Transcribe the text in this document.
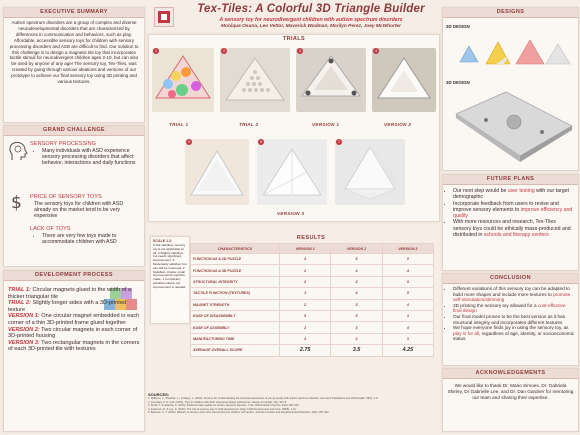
Tex-Tiles: A Colorful 3D Triangle Builder
A sensory toy for neurodivergent children with autism spectrum disorders
Monique Osuna, Leo Vettor, Maverick Wadman, Marilyn Perez, Joey McWhorter
EXECUTIVE SUMMARY
Autism spectrum disorders are a group of complex and diverse neurodevelopmental disorders that are characterized by differences in communication and behaviors, such as play. Affordable, accessible sensory toys for children with sensory processing disorders and ASD are difficult to find. Our solution to this challenge is to design a magnetic tile toy that incorporates tactile stimuli for neurodivergent children ages 2-10, but can also be used by anyone of any age! The sensory toy, Tex-Tiles, was created by going through various ideations and versions of our prototype to achieve our final sensory toy using 3D printing and various textures.
GRAND CHALLENGE
SENSORY PROCESSING
• Many individuals with ASD experience sensory processing disorders that affect behavior, interactions and daily functions
$ PRICE OF SENSORY TOYS
The sensory toys for children with ASD already on the market tend to be very expensive
LACK OF TOYS
• There are very few toys made to accommodate children with ASD
DEVELOPMENT PROCESS
TRIAL 1: Circular magnets glued to the width of a thicker triangular tile
TRIAL 2: Slightly longer sides with a 3D-printed texture
VERSION 1: One circular magnet embedded in each corner of a thin 3D-printed frame glued together
VERSION 2: Two circular magnets in each corner of 3D-printed housing
VERSION 3: Two rectangular magnets in the corners of each 3D-printed tile with textures
TRIALS
1	2	3	4
TRIAL 1	TRIAL 2	VERSION 1	VERSION 2
5	6	7
VERSION 3
SCALE 1-5
5 Not satisfied, sensory toy is not applicable at all. 4 Slightly satisfied, but needs significant improvement. 3 Moderately satisfied, but can still be improved. 2 Satisfied, criteria, small improvements could be made. 1 Completely satisfied criteria. No improvement is needed.
RESULTS
CHARACTERISTICS	VERSION 1	VERSION 2	VERSION 3
FUNCTION AS A 2D PUZZLE	4	5	5
FUNCTION AS A 3D PUZZLE	2	4	4
STRUCTURAL INTEGRITY	2	4	5
TACTILE FUNCTION (TEXTURES)	1	4	5
MAGNET STRENGTH	2	3	4
EASE OF DISASSEMBLY	5	5	3
EASE OF ASSEMBLY	2	3	4
MANUFACTURING TIME	4	2	3
AVERAGE OVERALL SCORE	2.75	3.5	4.25
SOURCES:
1. Williams, J., Sheehan, L., & Mayer, L. (2023). Sensory Kit: Understanding the physical experiences of young people with autism spectrum disorder. Journal of Paediatrics and Child Health, 59(3), 1-9.
2. Gonzales, P. E. et al. (2021). Toys for children with ASD: Assessing design preferences. Design for Health, 5(2), 55-72.
3. Smith, T. & Iadarola, S. (2015). Evidence base update for autism spectrum disorder. J Clin Child Adolesc Psychol, 44(6), 897-922.
4. Anderson, R. & Lee, K. (2019). The role of sensory play in child development. Early Child Development and Care, 189(8), 1-12.
5. Baranek, G. T. (2002). Efficacy of sensory and motor interventions for children with autism. Journal of Autism and Developmental Disorders, 32(5), 397-422.
DESIGNS
3D DESIGN
3D DESIGN
FUTURE PLANS
• Our next step would be user testing with our target demographic
• Incorporate feedback from users to revise and improve sensory elements to improve efficiency and quality
• With more resources and research, Tex-Tiles sensory toys could be ethically mass-produced and distributed in schools and therapy centers
CONCLUSION
• Different variations of this sensory toy can be adapted to build more shapes and include more textures to promote self-stimulation/stimming
• 3D printing the sensory toy allowed for a cost-effective final design
• Our final model proves to be the best version as it has structural integrity and incorporates different textures
• We hope everyone finds joy in using the sensory toy, as play is for all, regardless of age, identity, or socioeconomic status
ACKNOWLEDGEMENTS
We would like to thank Dr. Mario Simoes, Dr. Gabriela Shirley, Dr Gabrielle Lee, and Dr. Dan Gardner for mentoring our team and sharing their expertise.
